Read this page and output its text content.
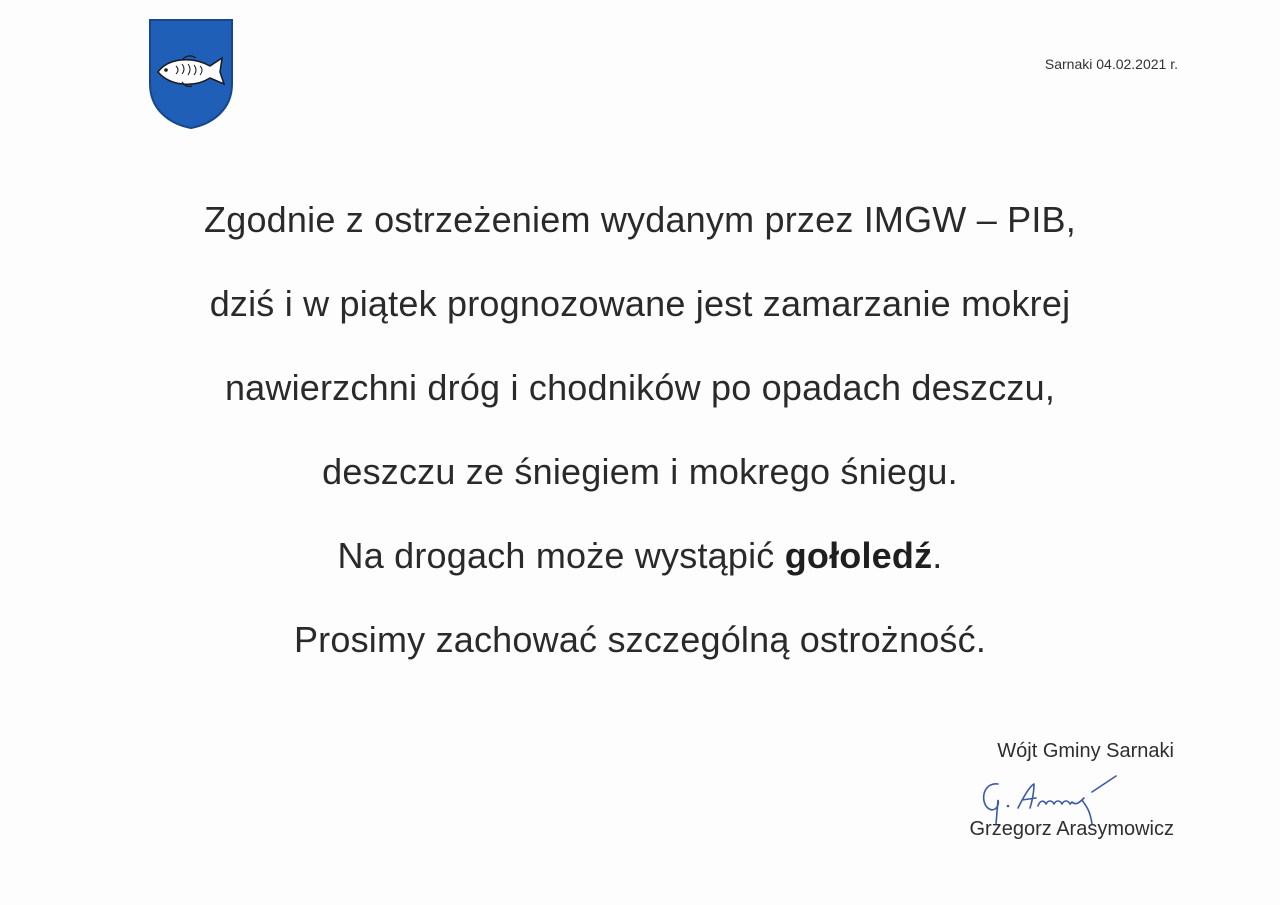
Sarnaki 04.02.2021 r.
Zgodnie z ostrzeżeniem wydanym przez IMGW – PIB,
dziś i w piątek prognozowane jest zamarzanie mokrej
nawierzchni dróg i chodników po opadach deszczu,
deszczu ze śniegiem i mokrego śniegu.
Na drogach może wystąpić gołoledź.
Prosimy zachować szczególną ostrożność.
Wójt Gminy Sarnaki
Grzegorz Arasymowicz
